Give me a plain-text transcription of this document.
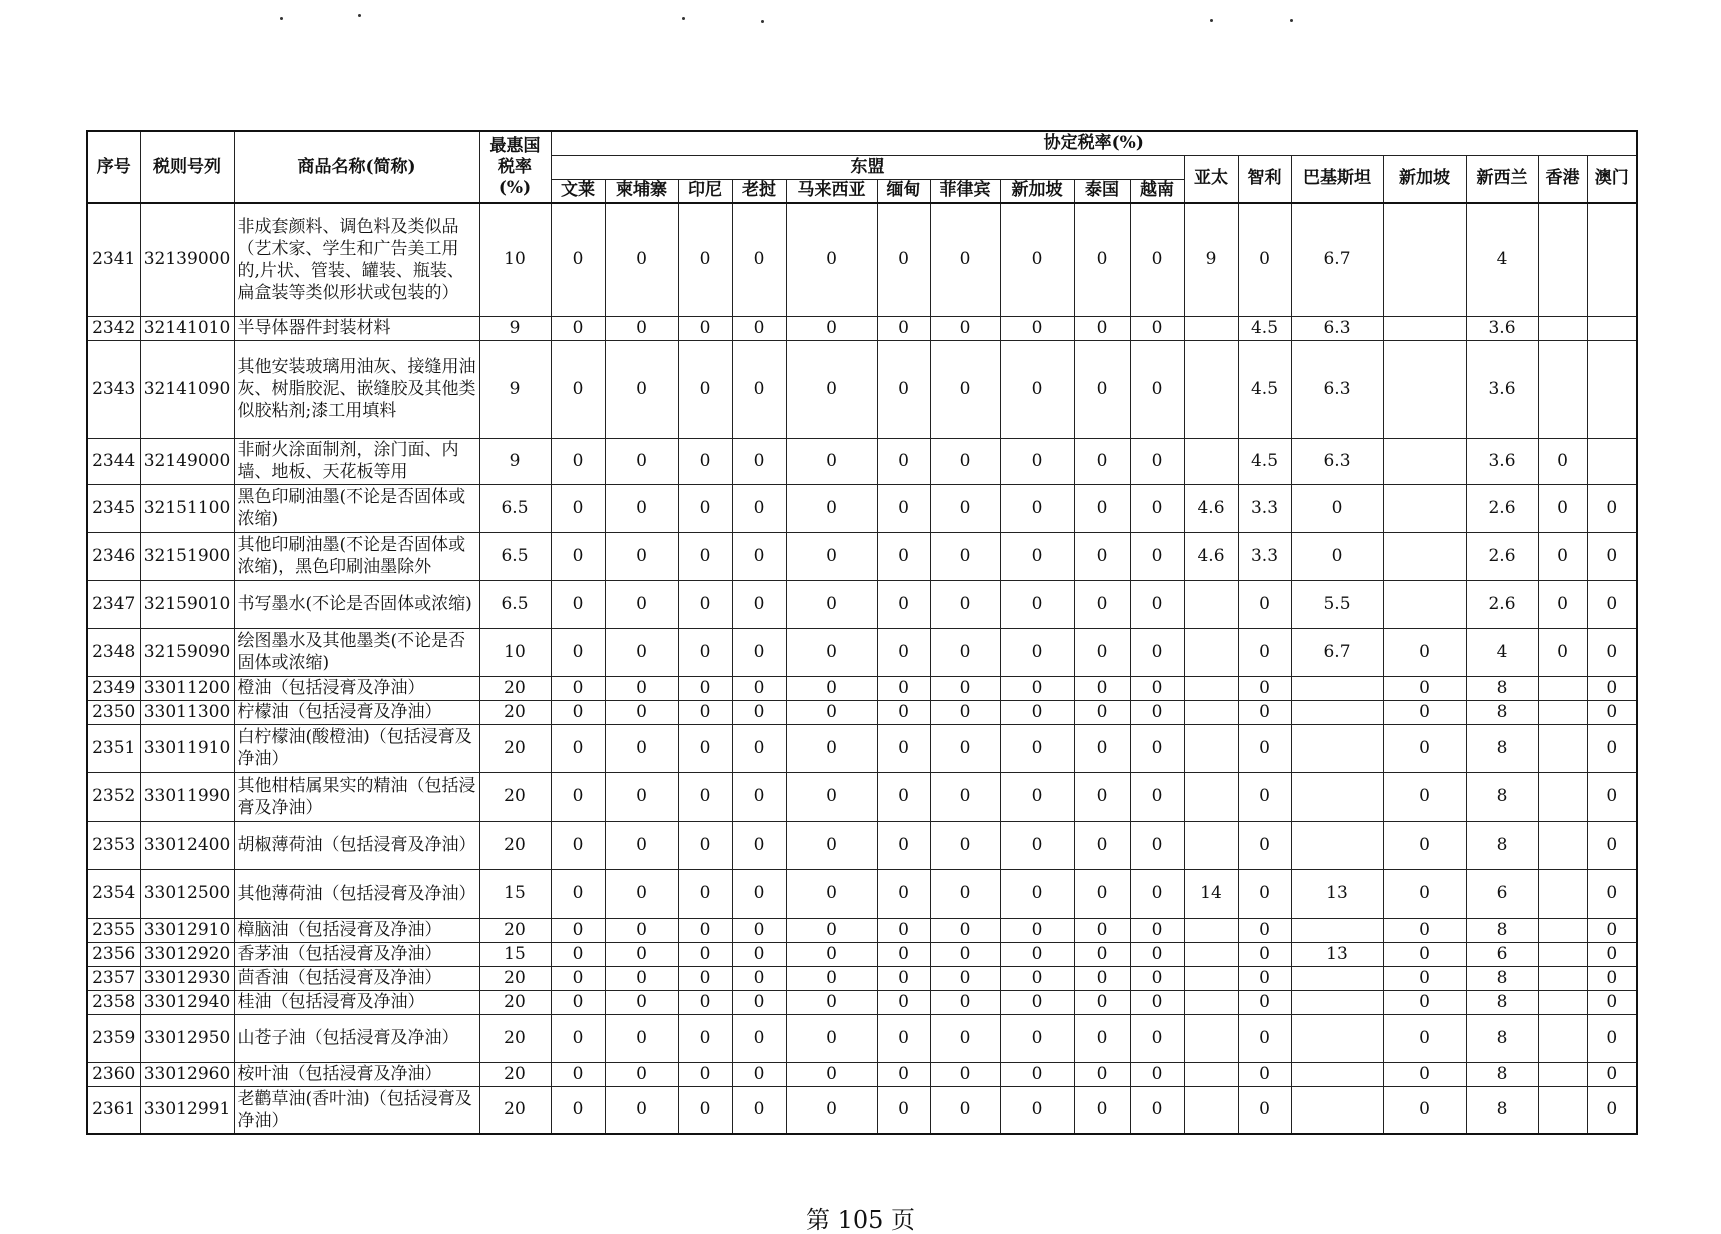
序号	税则号列	商品名称(简称)	最惠国税率(%)	协定税率(%)																
				东盟										亚太	智利	巴基斯坦	新加坡	新西兰	香港	澳门
				文莱	柬埔寨	印尼	老挝	马来西亚	缅甸	菲律宾	新加坡	泰国	越南							
2341	32139000	非成套颜料、调色料及类似品（艺术家、学生和广告美工用的,片状、管装、罐装、瓶装、扁盒装等类似形状或包装的）	10	0	0	0	0	0	0	0	0	0	0	9	0	6.7		4		
2342	32141010	半导体器件封装材料	9	0	0	0	0	0	0	0	0	0	0		4.5	6.3		3.6		
2343	32141090	其他安装玻璃用油灰、接缝用油灰、树脂胶泥、嵌缝胶及其他类似胶粘剂;漆工用填料	9	0	0	0	0	0	0	0	0	0	0		4.5	6.3		3.6		
2344	32149000	非耐火涂面制剂，涂门面、内墙、地板、天花板等用	9	0	0	0	0	0	0	0	0	0	0		4.5	6.3		3.6	0	
2345	32151100	黑色印刷油墨(不论是否固体或浓缩)	6.5	0	0	0	0	0	0	0	0	0	0	4.6	3.3	0		2.6	0	0
2346	32151900	其他印刷油墨(不论是否固体或浓缩)，黑色印刷油墨除外	6.5	0	0	0	0	0	0	0	0	0	0	4.6	3.3	0		2.6	0	0
2347	32159010	书写墨水(不论是否固体或浓缩)	6.5	0	0	0	0	0	0	0	0	0	0		0	5.5		2.6	0	0
2348	32159090	绘图墨水及其他墨类(不论是否固体或浓缩)	10	0	0	0	0	0	0	0	0	0	0		0	6.7	0	4	0	0
2349	33011200	橙油（包括浸膏及净油）	20	0	0	0	0	0	0	0	0	0	0		0		0	8		0
2350	33011300	柠檬油（包括浸膏及净油）	20	0	0	0	0	0	0	0	0	0	0		0		0	8		0
2351	33011910	白柠檬油(酸橙油)（包括浸膏及净油）	20	0	0	0	0	0	0	0	0	0	0		0		0	8		0
2352	33011990	其他柑桔属果实的精油（包括浸膏及净油）	20	0	0	0	0	0	0	0	0	0	0		0		0	8		0
2353	33012400	胡椒薄荷油（包括浸膏及净油）	20	0	0	0	0	0	0	0	0	0	0		0		0	8		0
2354	33012500	其他薄荷油（包括浸膏及净油）	15	0	0	0	0	0	0	0	0	0	0	14	0	13	0	6		0
2355	33012910	樟脑油（包括浸膏及净油）	20	0	0	0	0	0	0	0	0	0	0		0		0	8		0
2356	33012920	香茅油（包括浸膏及净油）	15	0	0	0	0	0	0	0	0	0	0		0	13	0	6		0
2357	33012930	茴香油（包括浸膏及净油）	20	0	0	0	0	0	0	0	0	0	0		0		0	8		0
2358	33012940	桂油（包括浸膏及净油）	20	0	0	0	0	0	0	0	0	0	0		0		0	8		0
2359	33012950	山苍子油（包括浸膏及净油）	20	0	0	0	0	0	0	0	0	0	0		0		0	8		0
2360	33012960	桉叶油（包括浸膏及净油）	20	0	0	0	0	0	0	0	0	0	0		0		0	8		0
2361	33012991	老鹳草油(香叶油)（包括浸膏及净油）	20	0	0	0	0	0	0	0	0	0	0		0		0	8		0
第 105 页
